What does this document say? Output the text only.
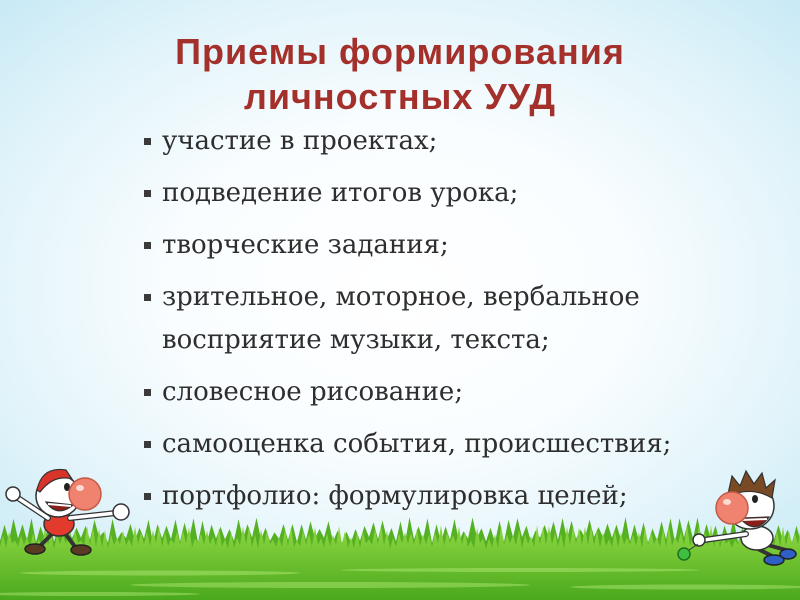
Приемы формирования
личностных УУД
участие в проектах;
подведение итогов урока;
творческие задания;
зрительное, моторное, вербальное восприятие музыки, текста;
словесное рисование;
самооценка события, происшествия;
портфолио: формулировка целей;
